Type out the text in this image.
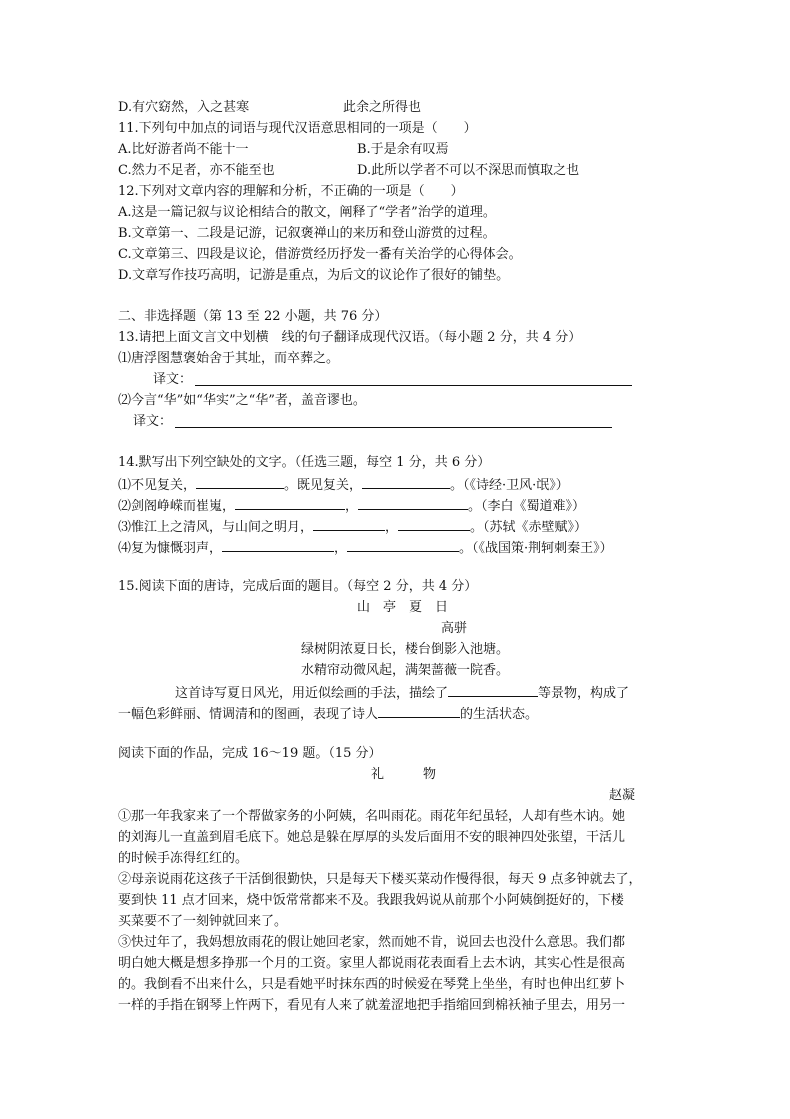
D.有穴窈然，入之甚寒	此余之所得也
11.下列句中加点的词语与现代汉语意思相同的一项是（　　）
A.比好游者尚不能十一	B.于是余有叹焉
C.然力不足者，亦不能至也	D.此所以学者不可以不深思而慎取之也
12.下列对文章内容的理解和分析，不正确的一项是（　　）
A.这是一篇记叙与议论相结合的散文，阐释了“学者”治学的道理。
B.文章第一、二段是记游，记叙褒禅山的来历和登山游赏的过程。
C.文章第三、四段是议论，借游赏经历抒发一番有关治学的心得体会。
D.文章写作技巧高明，记游是重点，为后文的议论作了很好的铺垫。
二、非选择题（第 13 至 22 小题，共 76 分）
13.请把上面文言文中划横　线的句子翻译成现代汉语。（每小题 2 分，共 4 分）
⑴唐浮图慧褒始舍于其址，而卒葬之。
译文：
⑵今言“华”如“华实”之“华”者，盖音谬也。
译文：
14.默写出下列空缺处的文字。（任选三题，每空 1 分，共 6 分）
⑴不见复关，	。既见复关，	。（《诗经·卫风·氓》）
⑵剑阁峥嵘而崔嵬，	，	。（李白《蜀道难》）
⑶惟江上之清风，与山间之明月，	，	。（苏轼《赤壁赋》）
⑷复为慷慨羽声，	，	。（《战国策·荆轲刺秦王》）
15.阅读下面的唐诗，完成后面的题目。（每空 2 分，共 4 分）
山　亭　夏　日
高骈
绿树阴浓夏日长，楼台倒影入池塘。
水精帘动微风起，满架蔷薇一院香。
这首诗写夏日风光，用近似绘画的手法，描绘了	等景物，构成了
一幅色彩鲜丽、情调清和的图画，表现了诗人	的生活状态。
阅读下面的作品，完成 16～19 题。（15 分）
礼　　　物
赵凝
①那一年我家来了一个帮做家务的小阿姨，名叫雨花。雨花年纪虽轻，人却有些木讷。她
的刘海儿一直盖到眉毛底下。她总是躲在厚厚的头发后面用不安的眼神四处张望，干活儿
的时候手冻得红红的。
②母亲说雨花这孩子干活倒很勤快，只是每天下楼买菜动作慢得很，每天 9 点多钟就去了，
要到快 11 点才回来，烧中饭常常都来不及。我跟我妈说从前那个小阿姨倒挺好的，下楼
买菜要不了一刻钟就回来了。
③快过年了，我妈想放雨花的假让她回老家，然而她不肯，说回去也没什么意思。我们都
明白她大概是想多挣那一个月的工资。家里人都说雨花表面看上去木讷，其实心性是很高
的。我倒看不出来什么，只是看她平时抹东西的时候爱在琴凳上坐坐，有时也伸出红萝卜
一样的手指在钢琴上忤两下，看见有人来了就羞涩地把手指缩回到棉袄袖子里去，用另一
